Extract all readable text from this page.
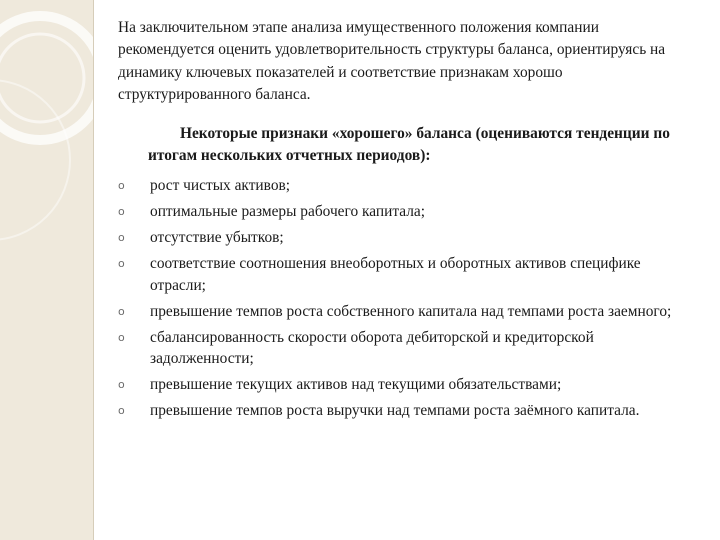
На заключительном этапе анализа имущественного положения компании рекомендуется оценить удовлетворительность структуры баланса, ориентируясь на динамику ключевых показателей и соответствие признакам хорошо структурированного баланса.

Некоторые признаки «хорошего» баланса (оцениваются тенденции по итогам нескольких отчетных периодов):
o рост чистых активов;
o оптимальные размеры рабочего капитала;
o отсутствие убытков;
o соответствие соотношения внеоборотных и оборотных активов специфике отрасли;
o превышение темпов роста собственного капитала над темпами роста заемного;
o сбалансированность скорости оборота дебиторской и кредиторской задолженности;
o превышение текущих активов над текущими обязательствами;
o превышение темпов роста выручки над темпами роста заёмного капитала.
